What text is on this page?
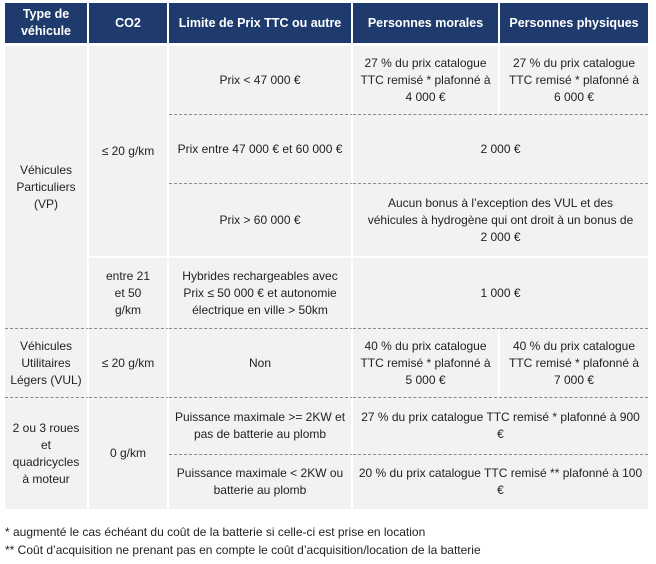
Type de véhicule	CO2	Limite de Prix TTC ou autre	Personnes morales	Personnes physiques

Véhicules Particuliers (VP)	≤ 20 g/km	Prix < 47 000 €	27 % du prix catalogue TTC remisé * plafonné à 4 000 €	27 % du prix catalogue TTC remisé * plafonné à 6 000 €
		Prix entre 47 000 € et 60 000 €	2 000 €	
		Prix > 60 000 €	Aucun bonus à l’exception des VUL et des véhicules à hydrogène qui ont droit à un bonus de 2 000 €	
	entre 21 et 50 g/km	Hybrides rechargeables avec Prix ≤ 50 000 € et autonomie électrique en ville > 50km	1 000 €	
Véhicules Utilitaires Légers (VUL)	≤ 20 g/km	Non	40 % du prix catalogue TTC remisé * plafonné à 5 000 €	40 % du prix catalogue TTC remisé * plafonné à 7 000 €
2 ou 3 roues et quadricycles à moteur	0 g/km	Puissance maximale >= 2KW et pas de batterie au plomb	27 % du prix catalogue TTC remisé * plafonné à 900 €	
		Puissance maximale < 2KW ou batterie au plomb	20 % du prix catalogue TTC remisé ** plafonné à 100 €	
* augmenté le cas échéant du coût de la batterie si celle-ci est prise en location
** Coût d’acquisition ne prenant pas en compte le coût d’acquisition/location de la batterie
